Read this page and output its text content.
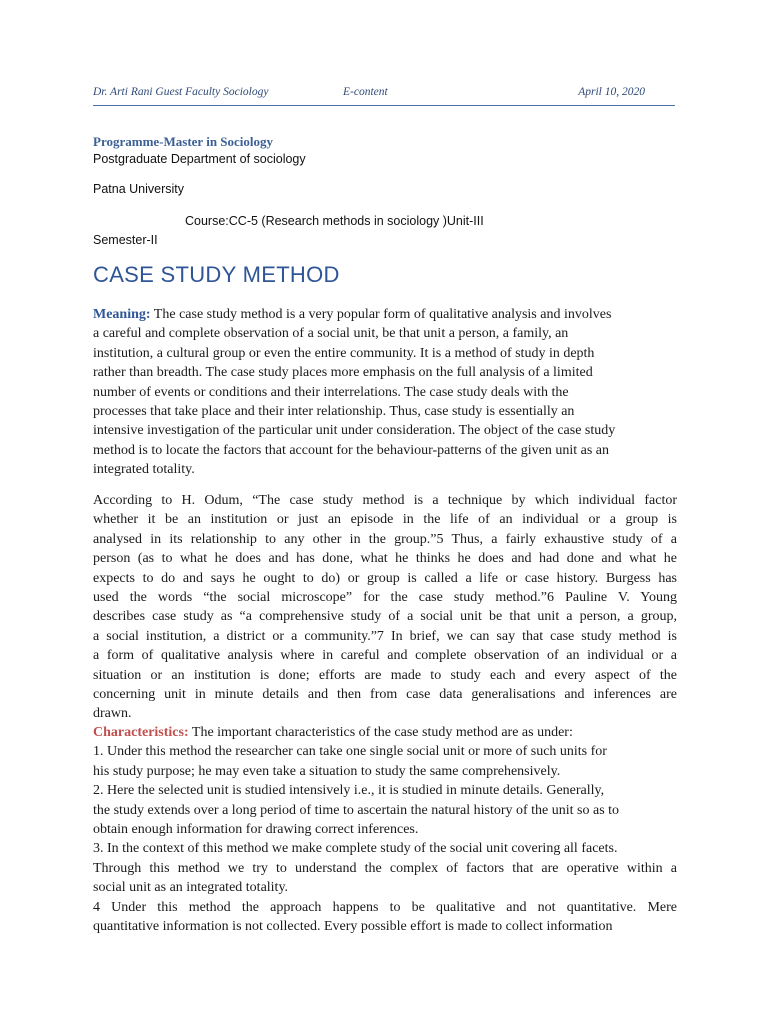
Dr. Arti Rani Guest Faculty Sociology	E-content	April 10, 2020
Programme-Master in Sociology
Postgraduate Department of sociology
Patna University
Course:CC-5 (Research methods in sociology )Unit-III
Semester-II
CASE STUDY METHOD
Meaning: The case study method is a very popular form of qualitative analysis and involves
a careful and complete observation of a social unit, be that unit a person, a family, an
institution, a cultural group or even the entire community. It is a method of study in depth
rather than breadth. The case study places more emphasis on the full analysis of a limited
number of events or conditions and their interrelations. The case study deals with the
processes that take place and their inter relationship. Thus, case study is essentially an
intensive investigation of the particular unit under consideration. The object of the case study
method is to locate the factors that account for the behaviour-patterns of the given unit as an
integrated totality.
According to H. Odum, “The case study method is a technique by which individual factor
whether it be an institution or just an episode in the life of an individual or a group is
analysed in its relationship to any other in the group.”5 Thus, a fairly exhaustive study of a
person (as to what he does and has done, what he thinks he does and had done and what he
expects to do and says he ought to do) or group is called a life or case history. Burgess has
used the words “the social microscope” for the case study method.”6 Pauline V. Young
describes case study as “a comprehensive study of a social unit be that unit a person, a group,
a social institution, a district or a community.”7 In brief, we can say that case study method is
a form of qualitative analysis where in careful and complete observation of an individual or a
situation or an institution is done; efforts are made to study each and every aspect of the
concerning unit in minute details and then from case data generalisations and inferences are
drawn.
Characteristics: The important characteristics of the case study method are as under:
1. Under this method the researcher can take one single social unit or more of such units for
his study purpose; he may even take a situation to study the same comprehensively.
2. Here the selected unit is studied intensively i.e., it is studied in minute details. Generally,
the study extends over a long period of time to ascertain the natural history of the unit so as to
obtain enough information for drawing correct inferences.
3. In the context of this method we make complete study of the social unit covering all facets.
Through this method we try to understand the complex of factors that are operative within a
social unit as an integrated totality.
4 Under this method the approach happens to be qualitative and not quantitative. Mere
quantitative information is not collected. Every possible effort is made to collect information
